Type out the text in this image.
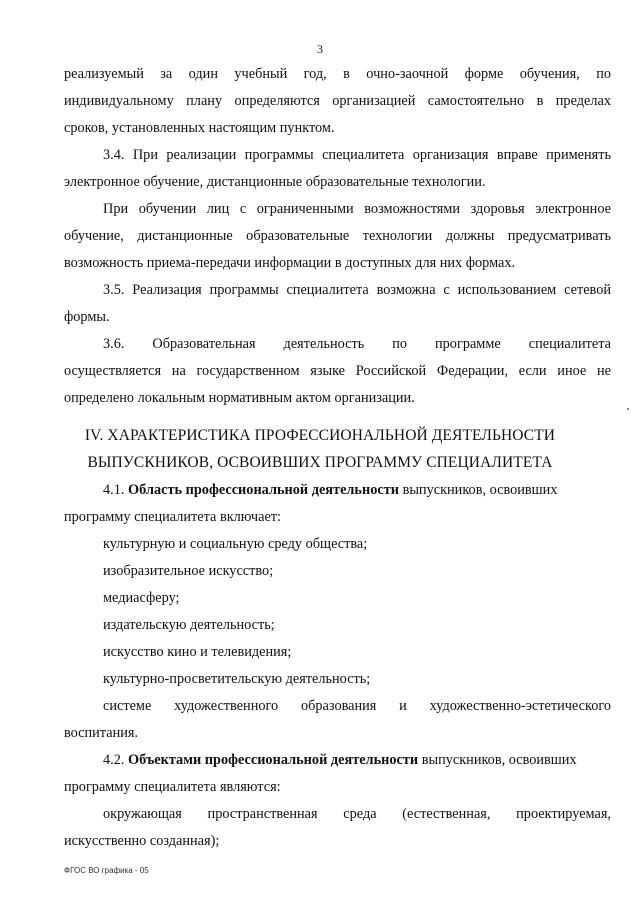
3
реализуемый за один учебный год, в очно-заочной форме обучения, по
индивидуальному плану определяются организацией самостоятельно в пределах
сроков, установленных настоящим пунктом.
3.4. При реализации программы специалитета организация вправе применять
электронное обучение, дистанционные образовательные технологии.
При обучении лиц с ограниченными возможностями здоровья электронное
обучение, дистанционные образовательные технологии должны предусматривать
возможность приема-передачи информации в доступных для них формах.
3.5. Реализация программы специалитета возможна с использованием сетевой
формы.
3.6. Образовательная деятельность по программе специалитета
осуществляется на государственном языке Российской Федерации, если иное не
определено локальным нормативным актом организации.
IV. ХАРАКТЕРИСТИКА ПРОФЕССИОНАЛЬНОЙ ДЕЯТЕЛЬНОСТИ
ВЫПУСКНИКОВ, ОСВОИВШИХ ПРОГРАММУ СПЕЦИАЛИТЕТА
4.1. Область профессиональной деятельности выпускников, освоивших
программу специалитета включает:
культурную и социальную среду общества;
изобразительное искусство;
медиасферу;
издательскую деятельность;
искусство кино и телевидения;
культурно-просветительскую деятельность;
системе художественного образования и художественно-эстетического
воспитания.
4.2. Объектами профессиональной деятельности выпускников, освоивших
программу специалитета являются:
окружающая пространственная среда (естественная, проектируемая,
искусственно созданная);
ФГОС ВО графика - 05
